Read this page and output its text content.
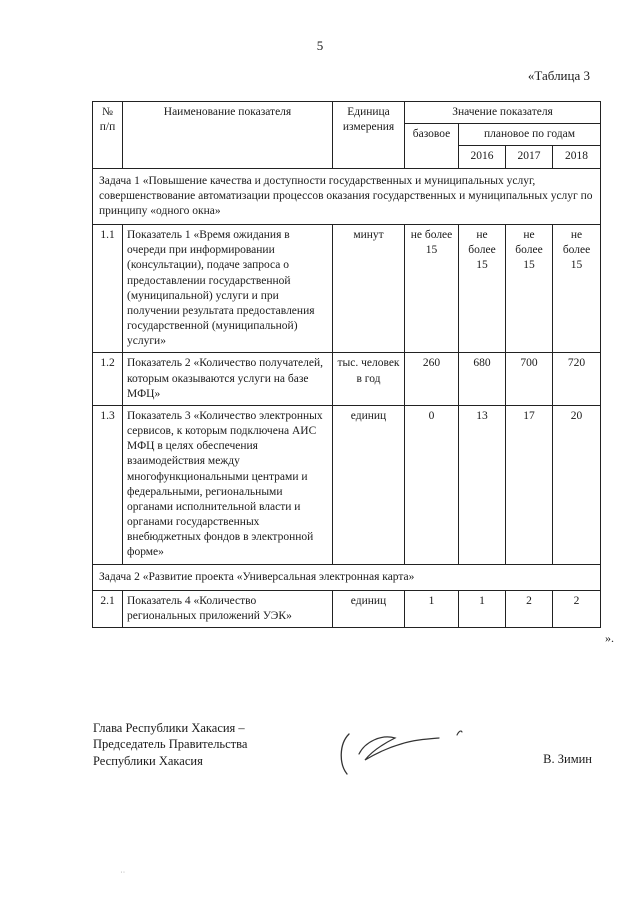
5
«Таблица 3
№ п/п	Наименование показателя	Единица измерения	Значение показателя			
			базовое	плановое по годам		
				2016	2017	2018
Задача 1 «Повышение качества и доступности государственных и муниципальных услуг, совершенствование автоматизации процессов оказания государственных и муниципальных услуг по принципу «одного окна»						
1.1	Показатель 1 «Время ожидания в очереди при информировании (консультации), подаче запроса о предоставлении государственной (муниципальной) услуги и при получении результата предоставления государственной (муниципальной) услуги»	минут	не более 15	не более 15	не более 15	не более 15
1.2	Показатель 2 «Количество получателей, которым оказываются услуги на базе МФЦ»	тыс. человек в год	260	680	700	720
1.3	Показатель 3 «Количество электронных сервисов, к которым подключена АИС МФЦ в целях обеспечения взаимодействия между многофункциональными центрами и федеральными, региональными органами исполнительной власти и органами государственных внебюджетных фондов в электронной форме»	единиц	0	13	17	20
Задача 2 «Развитие проекта «Универсальная электронная карта»						
2.1	Показатель 4 «Количество региональных приложений УЭК»	единиц	1	1	2	2
».
Глава Республики Хакасия –
Председатель Правительства
Республики Хакасия	В. Зимин
˙˙
